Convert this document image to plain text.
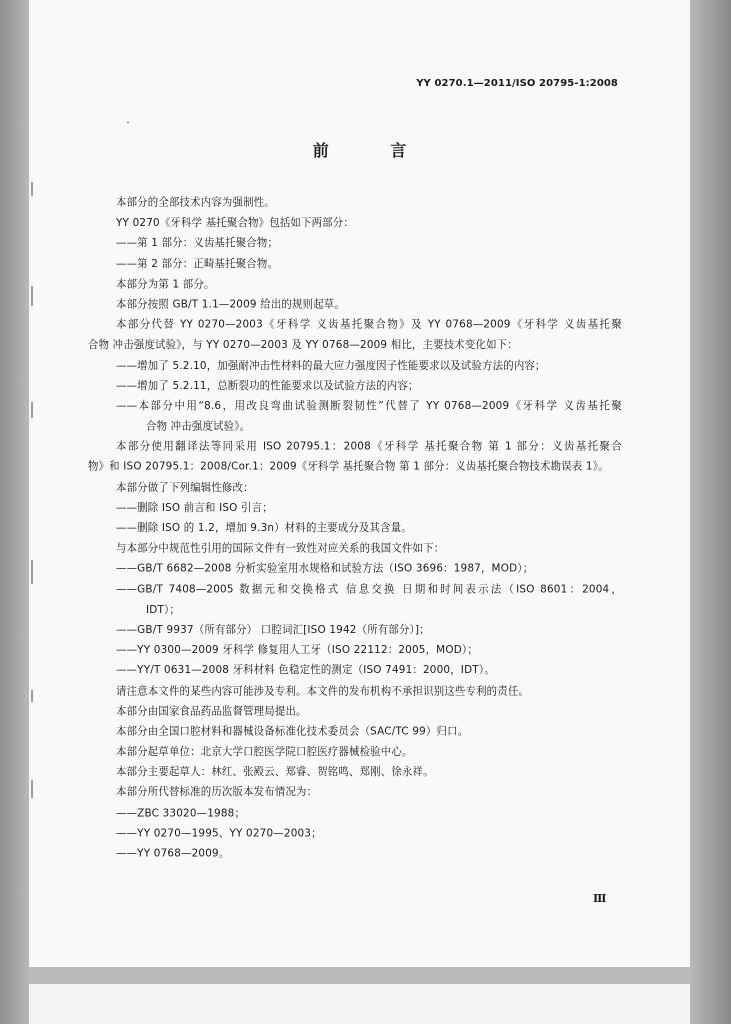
YY 0270.1—2011/ISO 20795-1:2008
前 言
本部分的全部技术内容为强制性。
YY 0270《牙科学 基托聚合物》包括如下两部分：
——第 1 部分：义齿基托聚合物；
——第 2 部分：正畸基托聚合物。
本部分为第 1 部分。
本部分按照 GB/T 1.1—2009 给出的规则起草。
本部分代替 YY 0270—2003《牙科学 义齿基托聚合物》及 YY 0768—2009《牙科学 义齿基托聚
合物 冲击强度试验》，与 YY 0270—2003 及 YY 0768—2009 相比，主要技术变化如下：
——增加了 5.2.10，加强耐冲击性材料的最大应力强度因子性能要求以及试验方法的内容；
——增加了 5.2.11，总断裂功的性能要求以及试验方法的内容；
——本部分中用“8.6，用改良弯曲试验测断裂韧性”代替了 YY 0768—2009《牙科学 义齿基托聚
合物 冲击强度试验》。
本部分使用翻译法等同采用 ISO 20795.1：2008《牙科学 基托聚合物 第 1 部分：义齿基托聚合
物》和 ISO 20795.1：2008/Cor.1：2009《牙科学 基托聚合物 第 1 部分：义齿基托聚合物技术勘误表 1》。
本部分做了下列编辑性修改：
——删除 ISO 前言和 ISO 引言；
——删除 ISO 的 1.2，增加 9.3n）材料的主要成分及其含量。
与本部分中规范性引用的国际文件有一致性对应关系的我国文件如下：
——GB/T 6682—2008 分析实验室用水规格和试验方法（ISO 3696：1987，MOD）；
——GB/T 7408—2005 数据元和交换格式 信息交换 日期和时间表示法（ISO 8601：2004，
IDT）；
——GB/T 9937（所有部分） 口腔词汇[ISO 1942（所有部分）]；
——YY 0300—2009 牙科学 修复用人工牙（ISO 22112：2005，MOD）；
——YY/T 0631—2008 牙科材料 色稳定性的测定（ISO 7491：2000，IDT）。
请注意本文件的某些内容可能涉及专利。本文件的发布机构不承担识别这些专利的责任。
本部分由国家食品药品监督管理局提出。
本部分由全国口腔材料和器械设备标准化技术委员会（SAC/TC 99）归口。
本部分起草单位：北京大学口腔医学院口腔医疗器械检验中心。
本部分主要起草人：林红、张殿云、郑睿、贺铭鸣、郑刚、徐永祥。
本部分所代替标准的历次版本发布情况为：
——ZBC 33020—1988；
——YY 0270—1995、YY 0270—2003；
——YY 0768—2009。
Ⅲ
